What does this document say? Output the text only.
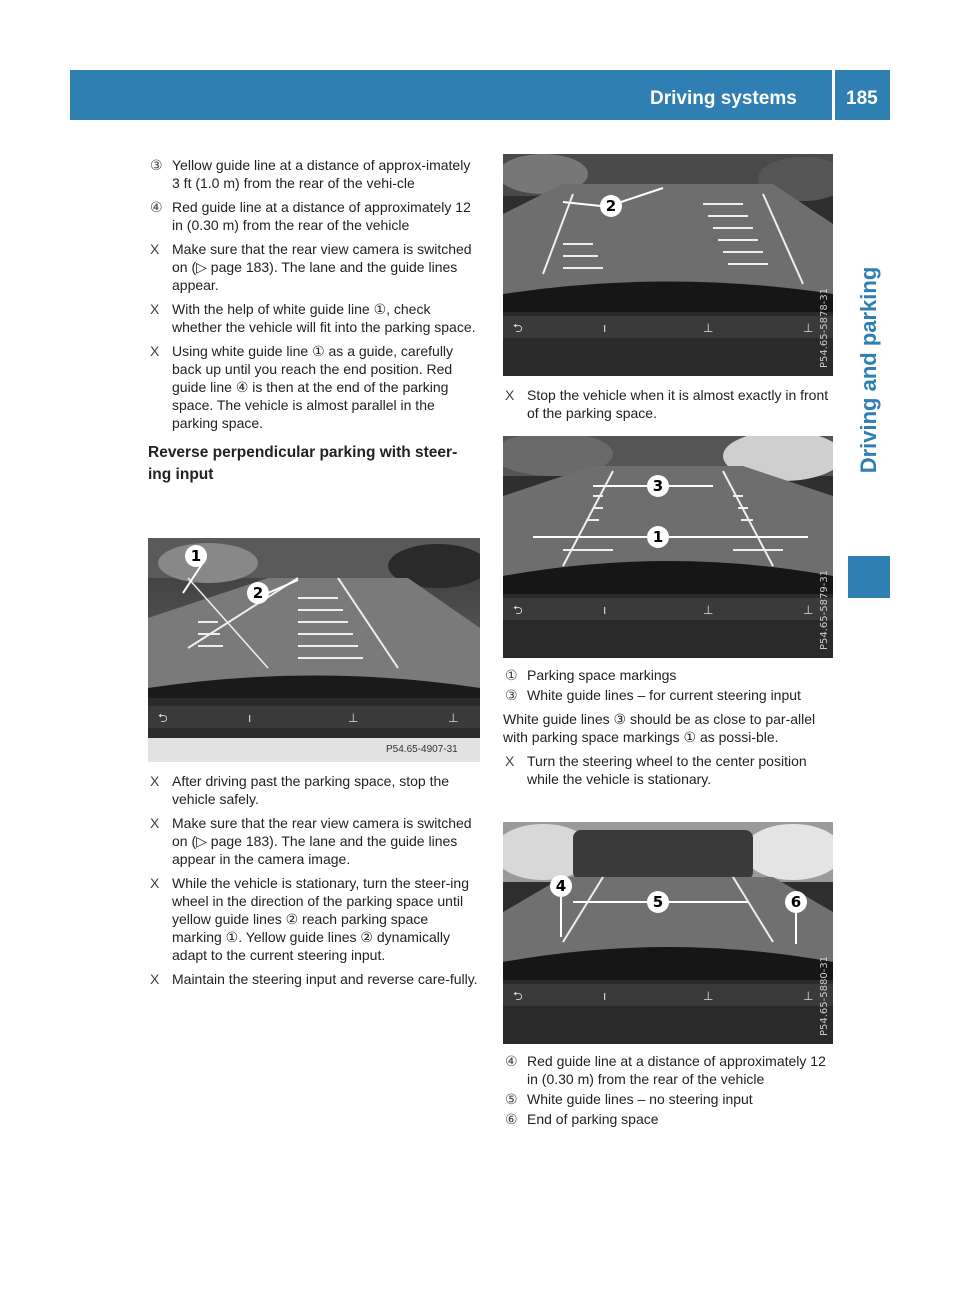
Driving systems	185
Driving and parking
③ Yellow guide line at a distance of approx-imately 3 ft (1.0 m) from the rear of the vehi-cle
④ Red guide line at a distance of approximately 12 in (0.30 m) from the rear of the vehicle
X Make sure that the rear view camera is switched on (▷ page 183). The lane and the guide lines appear.
X With the help of white guide line ①, check whether the vehicle will fit into the parking space.
X Using white guide line ① as a guide, carefully back up until you reach the end position. Red guide line ④ is then at the end of the parking space. The vehicle is almost parallel in the parking space.
Reverse perpendicular parking with steer-ing input
⮌	ı	⊥	⊥
1
2
P54.65-4907-31
X After driving past the parking space, stop the vehicle safely.
X Make sure that the rear view camera is switched on (▷ page 183). The lane and the guide lines appear in the camera image.
X While the vehicle is stationary, turn the steer-ing wheel in the direction of the parking space until yellow guide lines ② reach parking space marking ①. Yellow guide lines ② dynamically adapt to the current steering input.
X Maintain the steering input and reverse care-fully.
⮌	ı	⊥	⊥
2
P54.65-5878-31
X Stop the vehicle when it is almost exactly in front of the parking space.
⮌	ı	⊥	⊥
3
1
P54.65-5879-31
① Parking space markings
③ White guide lines – for current steering input

White guide lines ③ should be as close to par-allel with parking space markings ① as possi-ble.

X Turn the steering wheel to the center position while the vehicle is stationary.
⮌	ı	⊥	⊥
4
5	6
P54.65-5880-31
④ Red guide line at a distance of approximately 12 in (0.30 m) from the rear of the vehicle
⑤ White guide lines – no steering input
⑥ End of parking space
